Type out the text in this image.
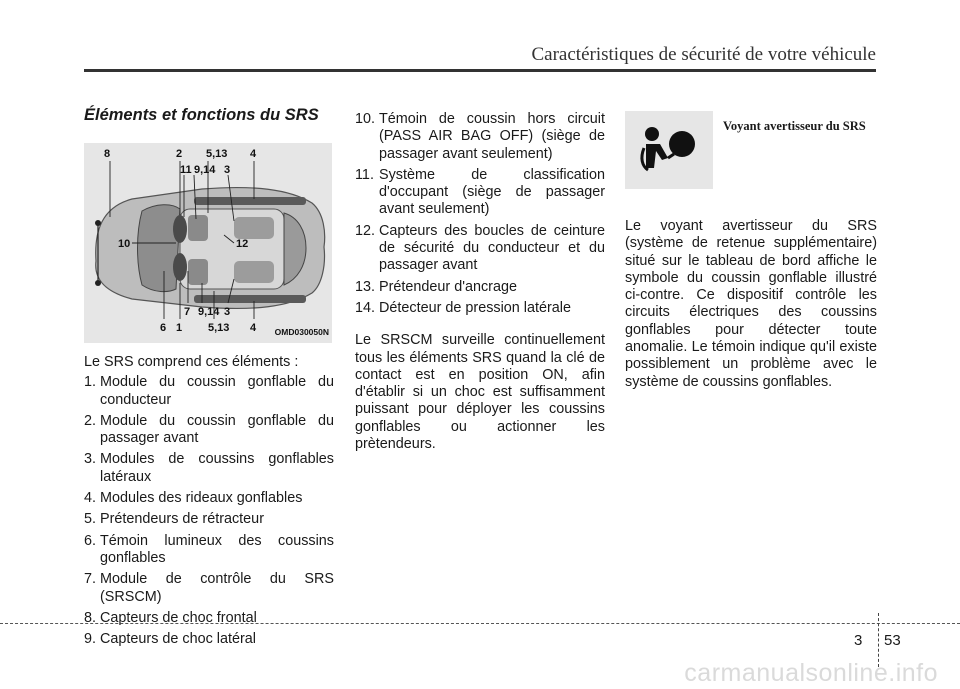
Caractéristiques de sécurité de votre véhicule
Éléments et fonctions du SRS
8	2
11 9,14
5,13
3
4
10	12
6 1
7 9,14
5,13
3
4 OMD030050N

Le SRS comprend ces éléments :

1. Module du coussin gonflable du conducteur
2. Module du coussin gonflable du passager avant
3. Modules de coussins gonflables latéraux
4. Modules des rideaux gonflables
5. Prétendeurs de rétracteur
6. Témoin lumineux des coussins gonflables
7. Module de contrôle du SRS (SRSCM)
8. Capteurs de choc frontal
9. Capteurs de choc latéral
10. Témoin de coussin hors circuit (PASS AIR BAG OFF) (siège de passager avant seulement)
11. Système de classification d'occupant (siège de passager avant seulement)
12. Capteurs des boucles de ceinture de sécurité du conducteur et du passager avant
13. Prétendeur d'ancrage
14. Détecteur de pression latérale

Le SRSCM surveille continuellement tous les éléments SRS quand la clé de contact est en position ON, afin d'établir si un choc est suffisamment puissant pour déployer les coussins gonflables ou actionner les prètendeurs.

Voyant avertisseur du SRS

Le voyant avertisseur du SRS (système de retenue supplémentaire) situé sur le tableau de bord affiche le symbole du coussin gonflable illustré ci-contre. Ce dispositif contrôle les circuits électriques des coussins gonflables pour détecter toute anomalie. Le témoin indique qu'il existe possiblement un problème avec le système de coussins gonflables.

3 53
carmanualsonline.info
